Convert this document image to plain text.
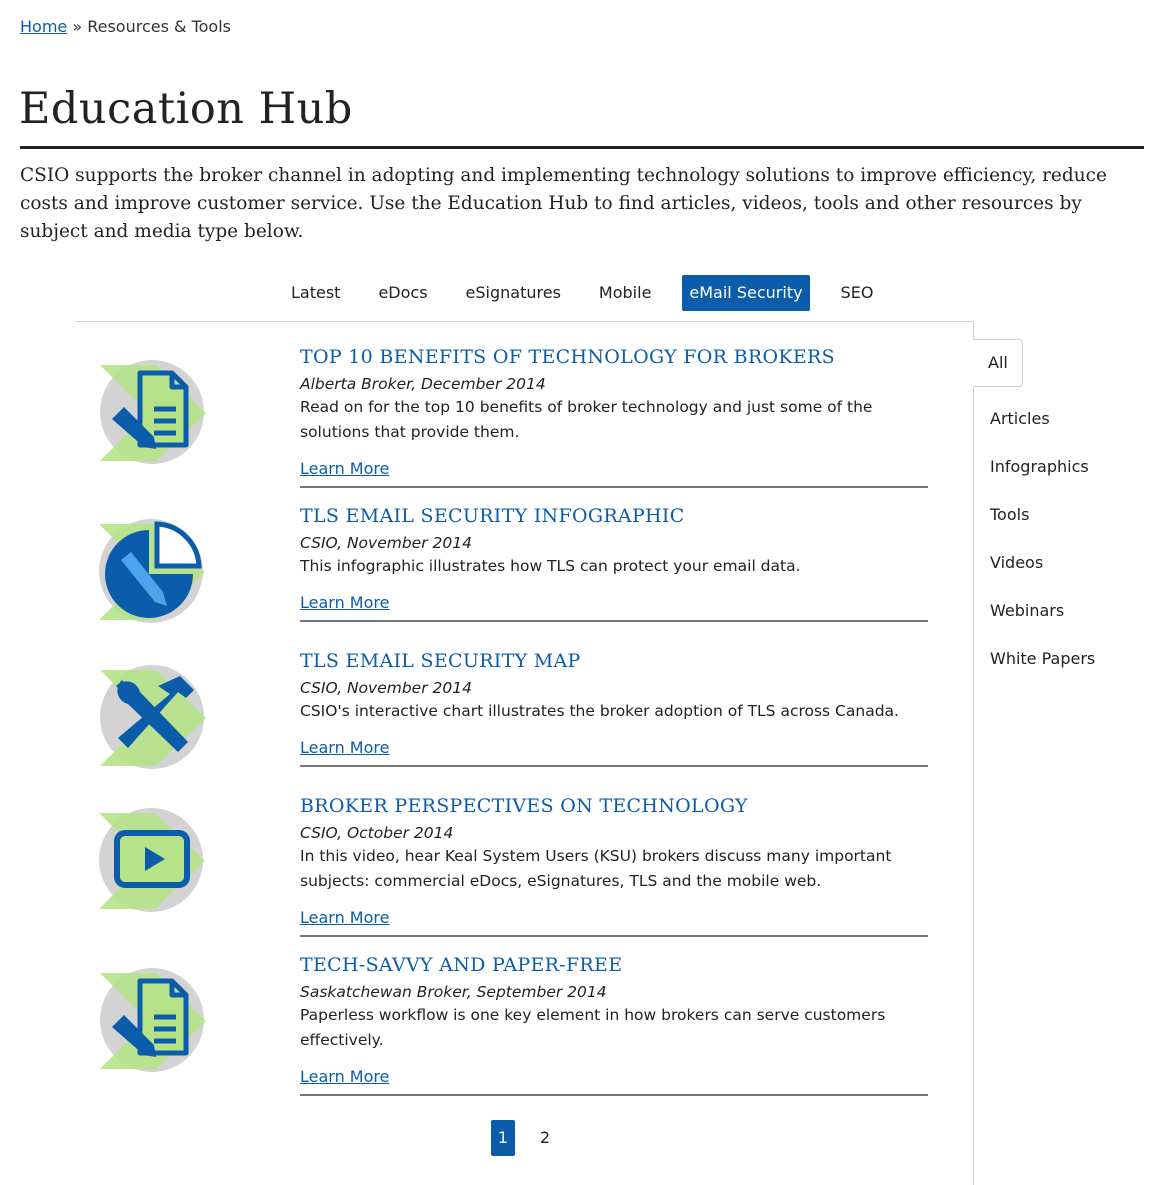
Home » Resources & Tools
Education Hub

CSIO supports the broker channel in adopting and implementing technology solutions to improve efficiency, reduce costs and improve customer service. Use the Education Hub to find articles, videos, tools and other resources by subject and media type below.

Latest	eDocs	eSignatures	Mobile	eMail Security	SEO
All
Articles
Infographics
Tools
Videos
Webinars
White Papers
TOP 10 BENEFITS OF TECHNOLOGY FOR BROKERS
Alberta Broker, December 2014
Read on for the top 10 benefits of broker technology and just some of the solutions that provide them.
Learn More
TLS EMAIL SECURITY INFOGRAPHIC
CSIO, November 2014
This infographic illustrates how TLS can protect your email data.
Learn More
TLS EMAIL SECURITY MAP
CSIO, November 2014
CSIO's interactive chart illustrates the broker adoption of TLS across Canada.
Learn More
BROKER PERSPECTIVES ON TECHNOLOGY
CSIO, October 2014
In this video, hear Keal System Users (KSU) brokers discuss many important subjects: commercial eDocs, eSignatures, TLS and the mobile web.
Learn More
TECH-SAVVY AND PAPER-FREE
Saskatchewan Broker, September 2014
Paperless workflow is one key element in how brokers can serve customers effectively.
Learn More
1	2
